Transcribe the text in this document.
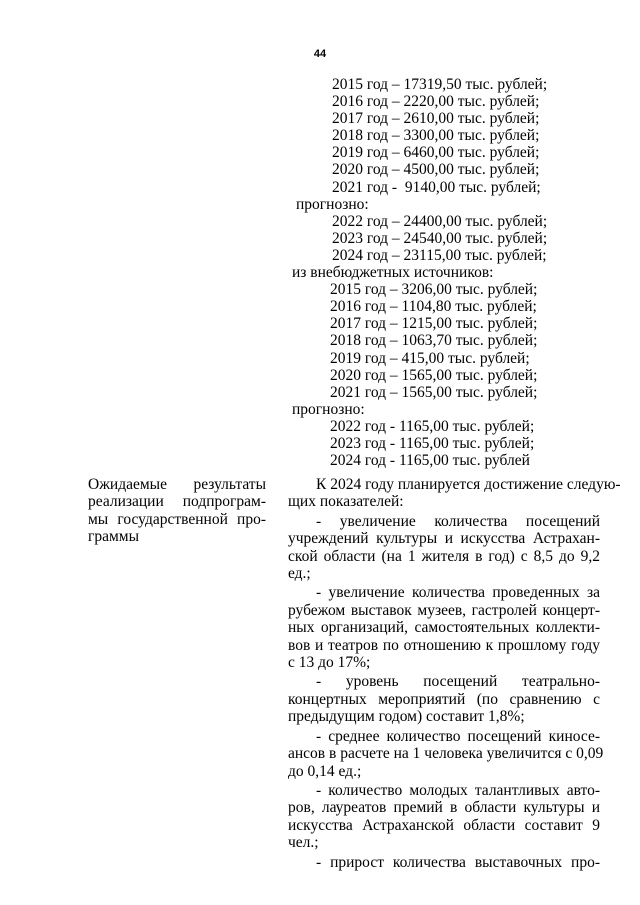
44
2015 год – 17319,50 тыс. рублей;
2016 год – 2220,00 тыс. рублей;
2017 год – 2610,00 тыс. рублей;
2018 год – 3300,00 тыс. рублей;
2019 год – 6460,00 тыс. рублей;
2020 год – 4500,00 тыс. рублей;
2021 год -  9140,00 тыс. рублей;
прогнозно:
2022 год – 24400,00 тыс. рублей;
2023 год – 24540,00 тыс. рублей;
2024 год – 23115,00 тыс. рублей;
из внебюджетных источников:
2015 год – 3206,00 тыс. рублей;
2016 год – 1104,80 тыс. рублей;
2017 год – 1215,00 тыс. рублей;
2018 год – 1063,70 тыс. рублей;
2019 год – 415,00 тыс. рублей;
2020 год – 1565,00 тыс. рублей;
2021 год – 1565,00 тыс. рублей;
прогнозно:
2022 год - 1165,00 тыс. рублей;
2023 год - 1165,00 тыс. рублей;
2024 год - 1165,00 тыс. рублей
Ожидаемые результаты
реализации подпрограм-
мы государственной про-
граммы
К 2024 году планируется достижение следую-
щих показателей:
- увеличение количества посещений
учреждений культуры и искусства Астрахан-
ской области (на 1 жителя в год) с 8,5 до 9,2
ед.;
- увеличение количества проведенных за
рубежом выставок музеев, гастролей концерт-
ных организаций, самостоятельных коллекти-
вов и театров по отношению к прошлому году
с 13 до 17%;
- уровень посещений театрально-
концертных мероприятий (по сравнению с
предыдущим годом) составит 1,8%;
- среднее количество посещений киносе-
ансов в расчете на 1 человека увеличится с 0,09
до 0,14 ед.;
- количество молодых талантливых авто-
ров, лауреатов премий в области культуры и
искусства Астраханской области составит 9
чел.;
- прирост количества выставочных про-
